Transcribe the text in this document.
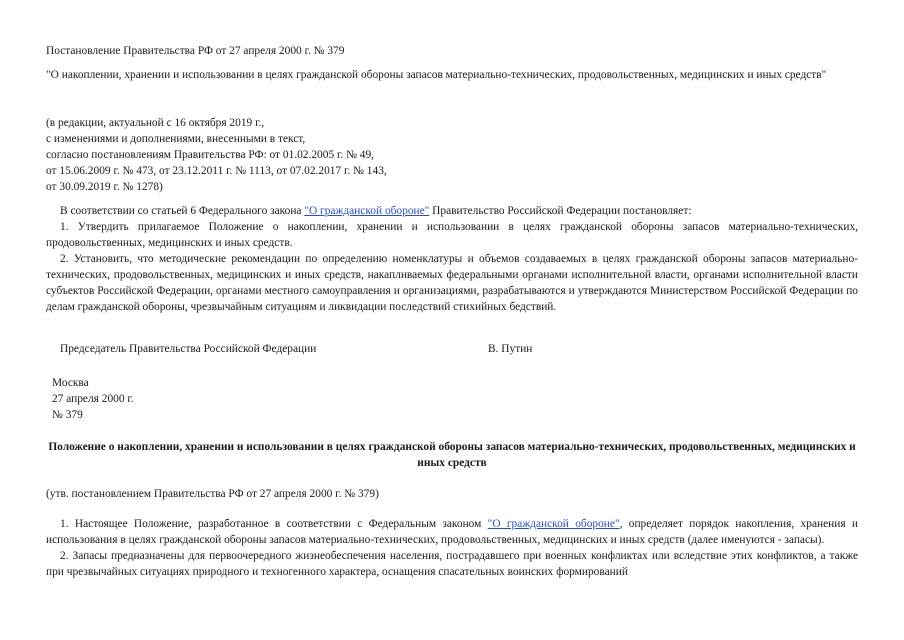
Постановление Правительства РФ от 27 апреля 2000 г. № 379

"О накоплении, хранении и использовании в целях гражданской обороны запасов материально-технических, продовольственных, медицинских и иных средств"

(в редакции, актуальной с 16 октября 2019 г.,

с изменениями и дополнениями, внесенными в текст,

согласно постановлениям Правительства РФ: от 01.02.2005 г. № 49,

от 15.06.2009 г. № 473, от 23.12.2011 г. № 1113, от 07.02.2017 г. № 143,

от 30.09.2019 г. № 1278)

В соответствии со статьей 6 Федерального закона "О гражданской обороне" Правительство Российской Федерации постановляет:

1. Утвердить прилагаемое Положение о накоплении, хранении и использовании в целях гражданской обороны запасов материально-технических, продовольственных, медицинских и иных средств.

2. Установить, что методические рекомендации по определению номенклатуры и объемов создаваемых в целях гражданской обороны запасов материально-технических, продовольственных, медицинских и иных средств, накапливаемых федеральными органами исполнительной власти, органами исполнительной власти субъектов Российской Федерации, органами местного самоуправления и организациями, разрабатываются и утверждаются Министерством Российской Федерации по делам гражданской обороны, чрезвычайным ситуациям и ликвидации последствий стихийных бедствий.

Председатель Правительства Российской Федерации	В. Путин

Москва

27 апреля 2000 г.

№ 379

Положение о накоплении, хранении и использовании в целях гражданской обороны запасов материально-технических, продовольственных, медицинских и иных средств

(утв. постановлением Правительства РФ от 27 апреля 2000 г. № 379)

1. Настоящее Положение, разработанное в соответствии с Федеральным законом "О гражданской обороне", определяет порядок накопления, хранения и использования в целях гражданской обороны запасов материально-технических, продовольственных, медицинских и иных средств (далее именуются - запасы).

2. Запасы предназначены для первоочередного жизнеобеспечения населения, пострадавшего при военных конфликтах или вследствие этих конфликтов, а также при чрезвычайных ситуациях природного и техногенного характера, оснащения спасательных воинских формирований
